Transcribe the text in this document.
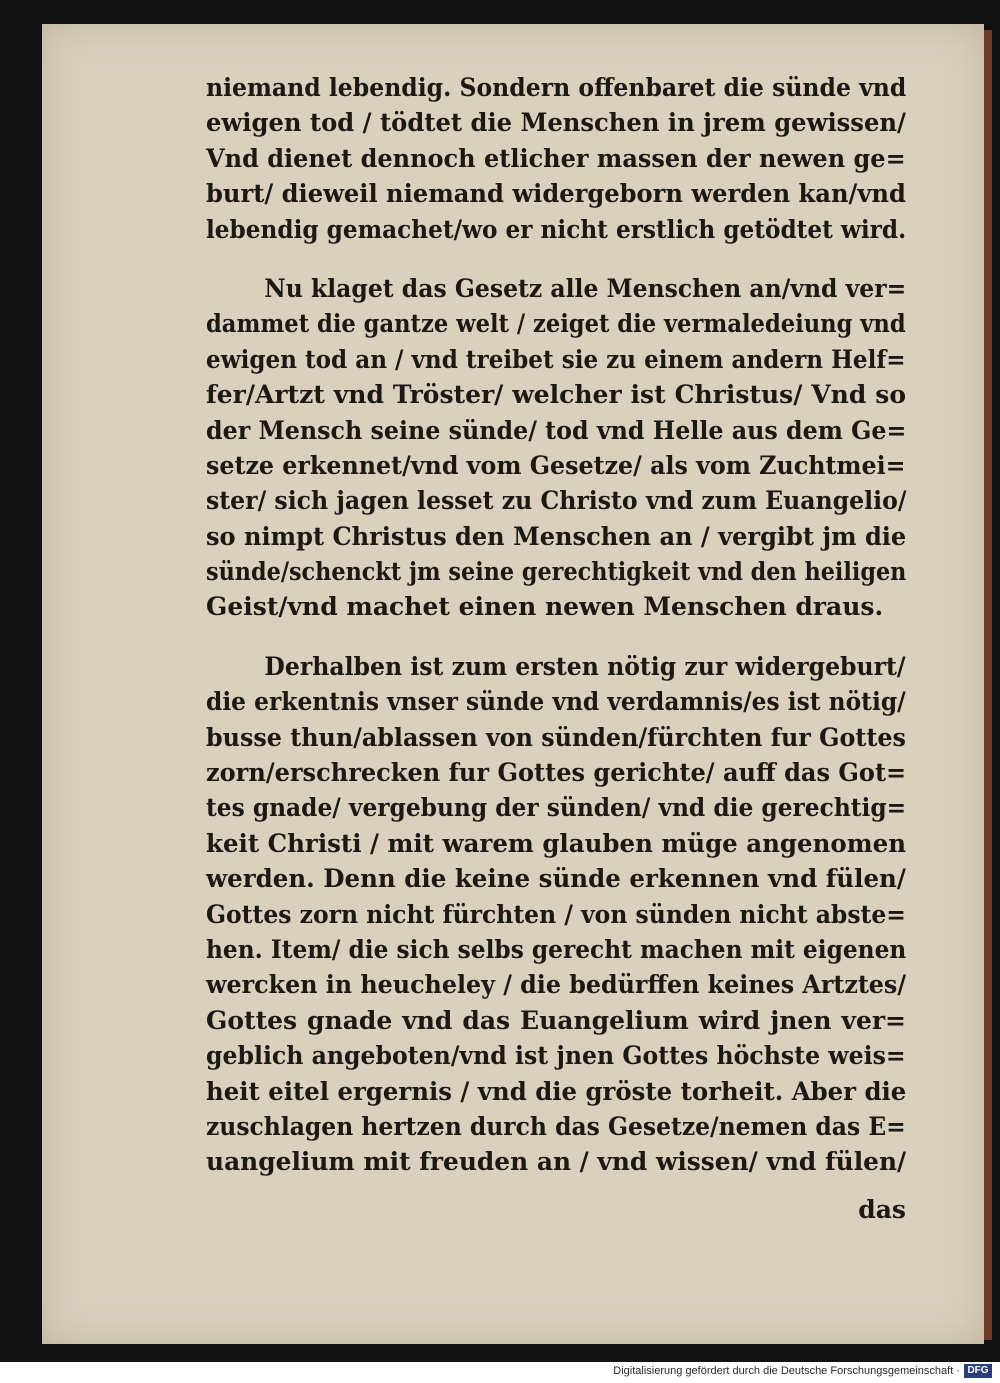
niemand lebendig. Sondern offenbaret die sünde vnd
ewigen tod / tödtet die Menschen in jrem gewissen/
Vnd dienet dennoch etlicher massen der newen ge=
burt/ dieweil niemand widergeborn werden kan/vnd
lebendig gemachet/wo er nicht erstlich getödtet wird.
Nu klaget das Gesetz alle Menschen an/vnd ver=
dammet die gantze welt / zeiget die vermaledeiung vnd
ewigen tod an / vnd treibet sie zu einem andern Helf=
fer/Artzt vnd Tröster/ welcher ist Christus/ Vnd so
der Mensch seine sünde/ tod vnd Helle aus dem Ge=
setze erkennet/vnd vom Gesetze/ als vom Zuchtmei=
ster/ sich jagen lesset zu Christo vnd zum Euangelio/
so nimpt Christus den Menschen an / vergibt jm die
sünde/schenckt jm seine gerechtigkeit vnd den heiligen
Geist/vnd machet einen newen Menschen draus.
Derhalben ist zum ersten nötig zur widergeburt/
die erkentnis vnser sünde vnd verdamnis/es ist nötig/
busse thun/ablassen von sünden/fürchten fur Gottes
zorn/erschrecken fur Gottes gerichte/ auff das Got=
tes gnade/ vergebung der sünden/ vnd die gerechtig=
keit Christi / mit warem glauben müge angenomen
werden. Denn die keine sünde erkennen vnd fülen/
Gottes zorn nicht fürchten / von sünden nicht abste=
hen. Item/ die sich selbs gerecht machen mit eigenen
wercken in heucheley / die bedürffen keines Artztes/
Gottes gnade vnd das Euangelium wird jnen ver=
geblich angeboten/vnd ist jnen Gottes höchste weis=
heit eitel ergernis / vnd die gröste torheit. Aber die
zuschlagen hertzen durch das Gesetze/nemen das E=
uangelium mit freuden an / vnd wissen/ vnd fülen/
das
Digitalisierung gefördert durch die Deutsche Forschungsgemeinschaft · DFG
